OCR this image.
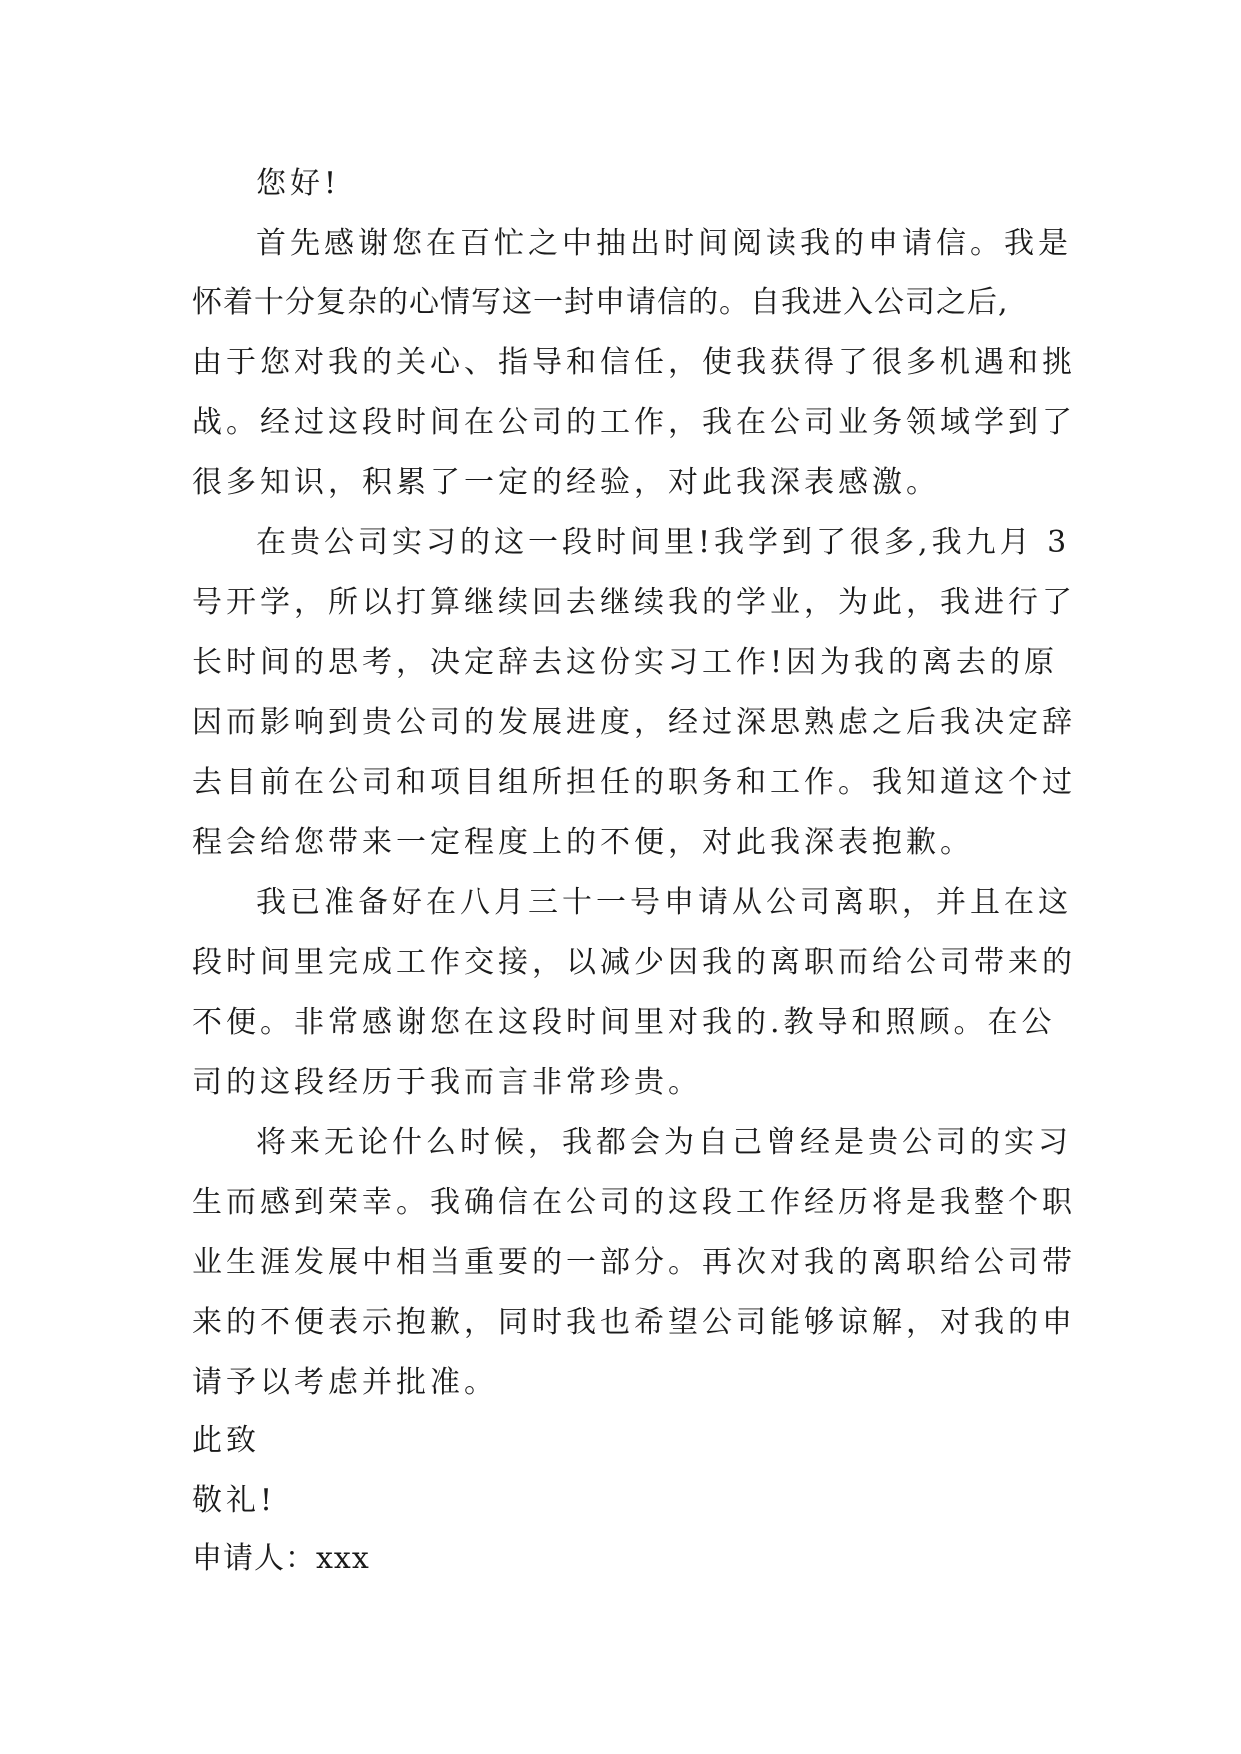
您好!
首先感谢您在百忙之中抽出时间阅读我的申请信。我是
怀着十分复杂的心情写这一封申请信的。自我进入公司之后,
由于您对我的关心、指导和信任，使我获得了很多机遇和挑
战。经过这段时间在公司的工作，我在公司业务领域学到了
很多知识，积累了一定的经验，对此我深表感激。
在贵公司实习的这一段时间里!我学到了很多,我九月 3
号开学，所以打算继续回去继续我的学业，为此，我进行了
长时间的思考，决定辞去这份实习工作!因为我的离去的原
因而影响到贵公司的发展进度，经过深思熟虑之后我决定辞
去目前在公司和项目组所担任的职务和工作。我知道这个过
程会给您带来一定程度上的不便，对此我深表抱歉。
我已准备好在八月三十一号申请从公司离职，并且在这
段时间里完成工作交接，以减少因我的离职而给公司带来的
不便。非常感谢您在这段时间里对我的.教导和照顾。在公
司的这段经历于我而言非常珍贵。
将来无论什么时候，我都会为自己曾经是贵公司的实习
生而感到荣幸。我确信在公司的这段工作经历将是我整个职
业生涯发展中相当重要的一部分。再次对我的离职给公司带
来的不便表示抱歉，同时我也希望公司能够谅解，对我的申
请予以考虑并批准。
此致
敬礼!
申请人：xxx
